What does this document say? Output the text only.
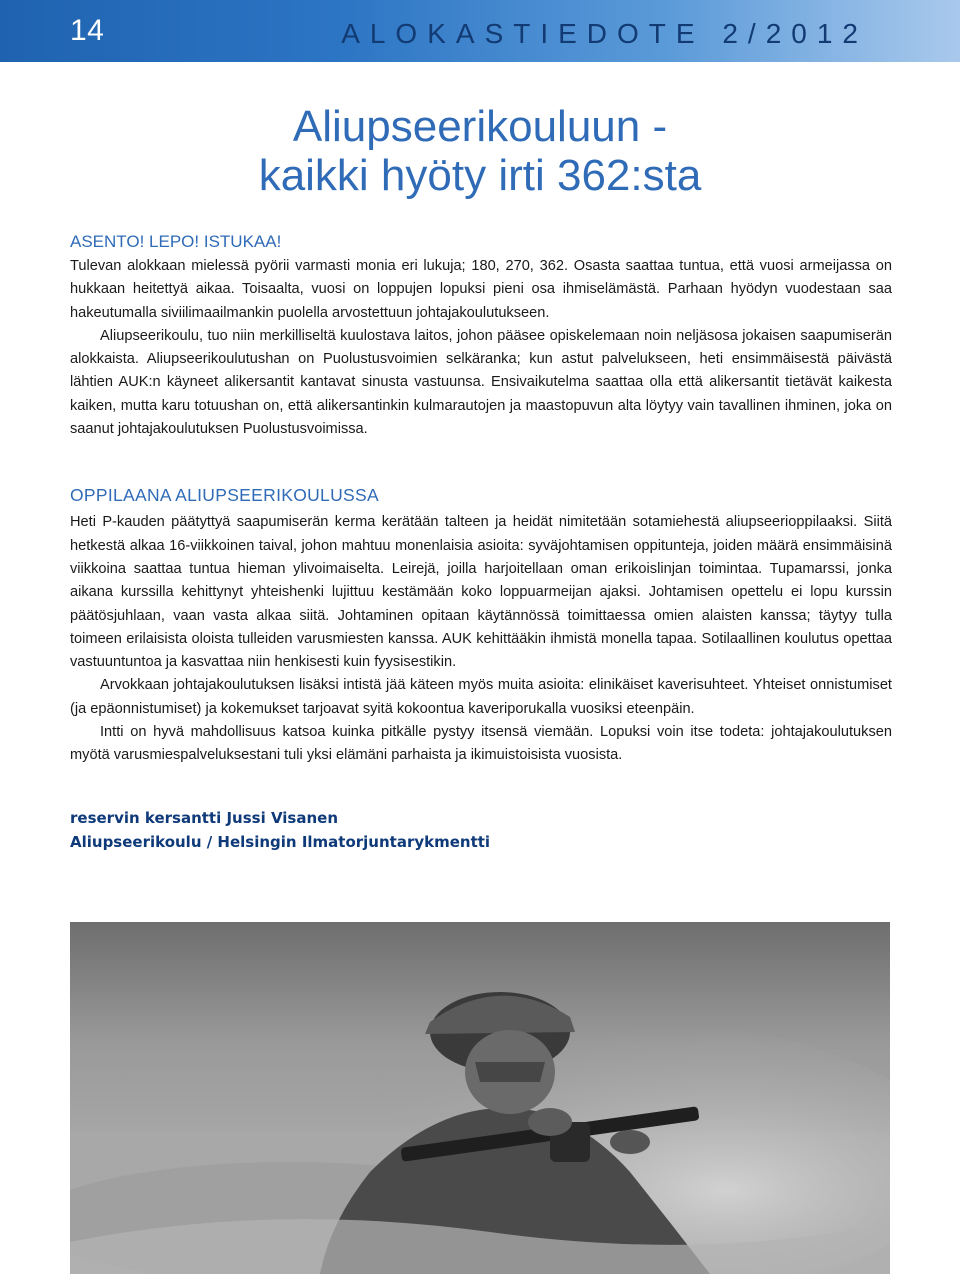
14	ALOKASTIEDOTE 2/2012
Aliupseerikouluun -
kaikki hyöty irti 362:sta
ASENTO! LEPO! ISTUKAA!

Tulevan alokkaan mielessä pyörii varmasti monia eri lukuja; 180, 270, 362. Osasta saattaa tuntua, että vuosi armeijassa on hukkaan heitettyä aikaa. Toisaalta, vuosi on loppujen lopuksi pieni osa ihmiselämästä. Parhaan hyödyn vuodestaan saa hakeutumalla siviilimaailmankin puolella arvostettuun johtajakoulutukseen.

Aliupseerikoulu, tuo niin merkilliseltä kuulostava laitos, johon pääsee opiskelemaan noin neljäsosa jokaisen saapumiserän alokkaista. Aliupseerikoulutushan on Puolustusvoimien selkäranka; kun astut palvelukseen, heti ensimmäisestä päivästä lähtien AUK:n käyneet alikersantit kantavat sinusta vastuunsa. Ensivaikutelma saattaa olla että alikersantit tietävät kaikesta kaiken, mutta karu totuushan on, että alikersantinkin kulmarautojen ja maastopuvun alta löytyy vain tavallinen ihminen, joka on saanut johtajakoulutuksen Puolustusvoimissa.

OPPILAANA ALIUPSEERIKOULUSSA

Heti P-kauden päätyttyä saapumiserän kerma kerätään talteen ja heidät nimitetään sotamiehestä aliupseerioppilaaksi. Siitä hetkestä alkaa 16-viikkoinen taival, johon mahtuu monenlaisia asioita: syväjohtamisen oppitunteja, joiden määrä ensimmäisinä viikkoina saattaa tuntua hieman ylivoimaiselta. Leirejä, joilla harjoitellaan oman erikoislinjan toimintaa. Tupamarssi, jonka aikana kurssilla kehittynyt yhteishenki lujittuu kestämään koko loppuarmeijan ajaksi. Johtamisen opettelu ei lopu kurssin päätösjuhlaan, vaan vasta alkaa siitä. Johtaminen opitaan käytännössä toimittaessa omien alaisten kanssa; täytyy tulla toimeen erilaisista oloista tulleiden varusmiesten kanssa. AUK kehittääkin ihmistä monella tapaa. Sotilaallinen koulutus opettaa vastuuntuntoa ja kasvattaa niin henkisesti kuin fyysisestikin.

Arvokkaan johtajakoulutuksen lisäksi intistä jää käteen myös muita asioita: elinikäiset kaverisuhteet. Yhteiset onnistumiset (ja epäonnistumiset) ja kokemukset tarjoavat syitä kokoontua kaveriporukalla vuosiksi eteenpäin.

Intti on hyvä mahdollisuus katsoa kuinka pitkälle pystyy itsensä viemään. Lopuksi voin itse todeta: johtajakoulutuksen myötä varusmiespalveluksestani tuli yksi elämäni parhaista ja ikimuistoisista vuosista.

reservin kersantti Jussi Visanen
Aliupseerikoulu / Helsingin Ilmatorjuntarykmentti
